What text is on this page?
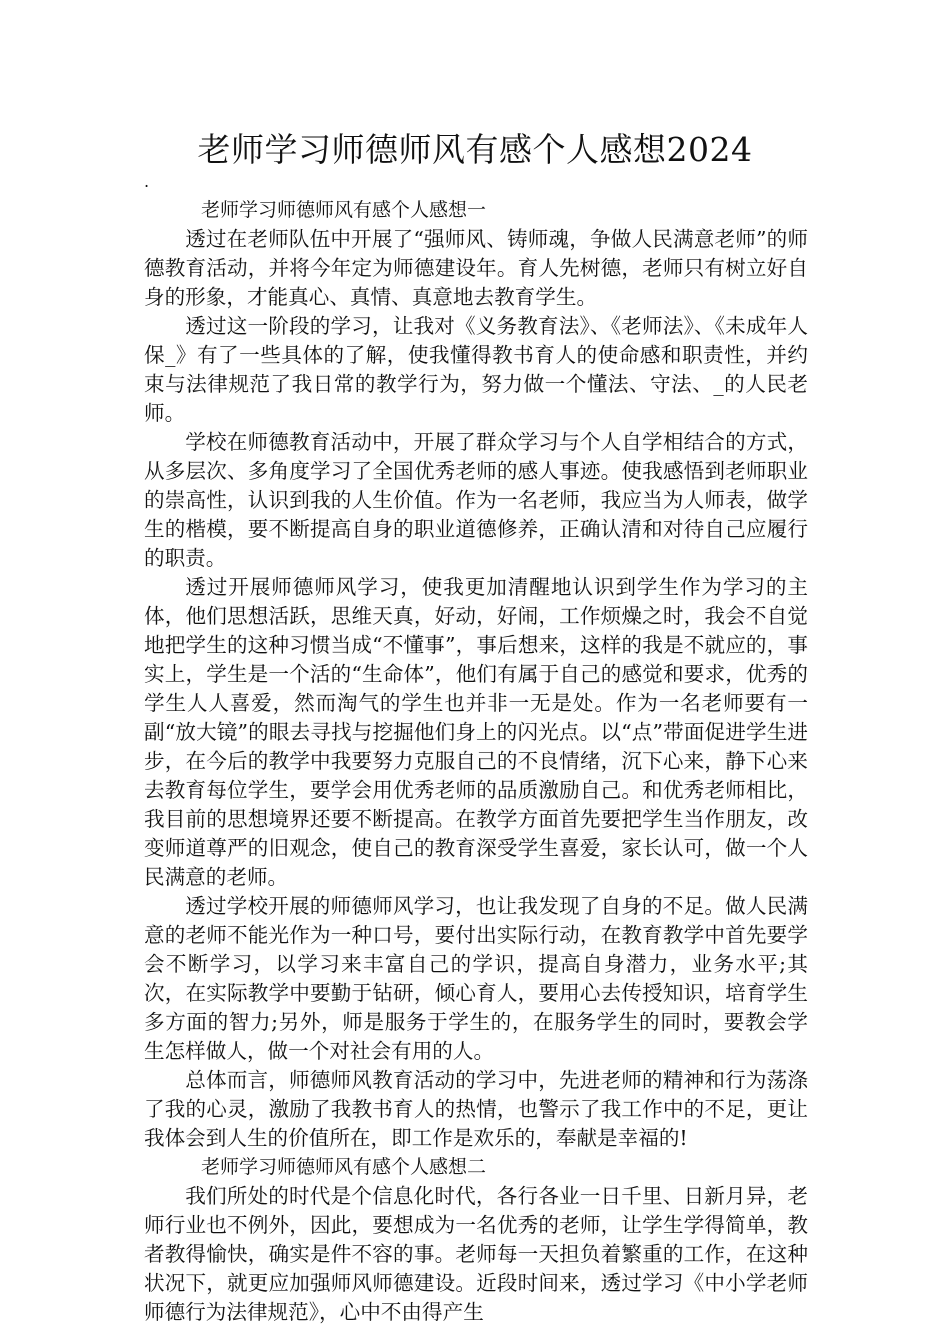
老师学习师德师风有感个人感想2024
.

老师学习师德师风有感个人感想一

透过在老师队伍中开展了“强师风、铸师魂，争做人民满意老师”的师德教育活动，并将今年定为师德建设年。育人先树德，老师只有树立好自身的形象，才能真心、真情、真意地去教育学生。

透过这一阶段的学习，让我对《义务教育法》、《老师法》、《未成年人保_》有了一些具体的了解，使我懂得教书育人的使命感和职责性，并约束与法律规范了我日常的教学行为，努力做一个懂法、守法、_的人民老师。

学校在师德教育活动中，开展了群众学习与个人自学相结合的方式，从多层次、多角度学习了全国优秀老师的感人事迹。使我感悟到老师职业的崇高性，认识到我的人生价值。作为一名老师，我应当为人师表，做学生的楷模，要不断提高自身的职业道德修养，正确认清和对待自己应履行的职责。

透过开展师德师风学习，使我更加清醒地认识到学生作为学习的主体，他们思想活跃，思维天真，好动，好闹，工作烦燥之时，我会不自觉地把学生的这种习惯当成“不懂事”，事后想来，这样的我是不就应的，事实上，学生是一个活的“生命体”，他们有属于自己的感觉和要求，优秀的学生人人喜爱，然而淘气的学生也并非一无是处。作为一名老师要有一副“放大镜”的眼去寻找与挖掘他们身上的闪光点。以“点”带面促进学生进步，在今后的教学中我要努力克服自己的不良情绪，沉下心来，静下心来去教育每位学生，要学会用优秀老师的品质激励自己。和优秀老师相比，我目前的思想境界还要不断提高。在教学方面首先要把学生当作朋友，改变师道尊严的旧观念，使自己的教育深受学生喜爱，家长认可，做一个人民满意的老师。

透过学校开展的师德师风学习，也让我发现了自身的不足。做人民满意的老师不能光作为一种口号，要付出实际行动，在教育教学中首先要学会不断学习，以学习来丰富自己的学识，提高自身潜力，业务水平;其次，在实际教学中要勤于钻研，倾心育人，要用心去传授知识，培育学生多方面的智力;另外，师是服务于学生的，在服务学生的同时，要教会学生怎样做人，做一个对社会有用的人。

总体而言，师德师风教育活动的学习中，先进老师的精神和行为荡涤了我的心灵，激励了我教书育人的热情，也警示了我工作中的不足，更让我体会到人生的价值所在，即工作是欢乐的，奉献是幸福的!

老师学习师德师风有感个人感想二

我们所处的时代是个信息化时代，各行各业一日千里、日新月异，老师行业也不例外，因此，要想成为一名优秀的老师，让学生学得简单，教者教得愉快，确实是件不容的事。老师每一天担负着繁重的工作，在这种状况下，就更应加强师风师德建设。近段时间来，透过学习《中小学老师师德行为法律规范》，心中不由得产生
